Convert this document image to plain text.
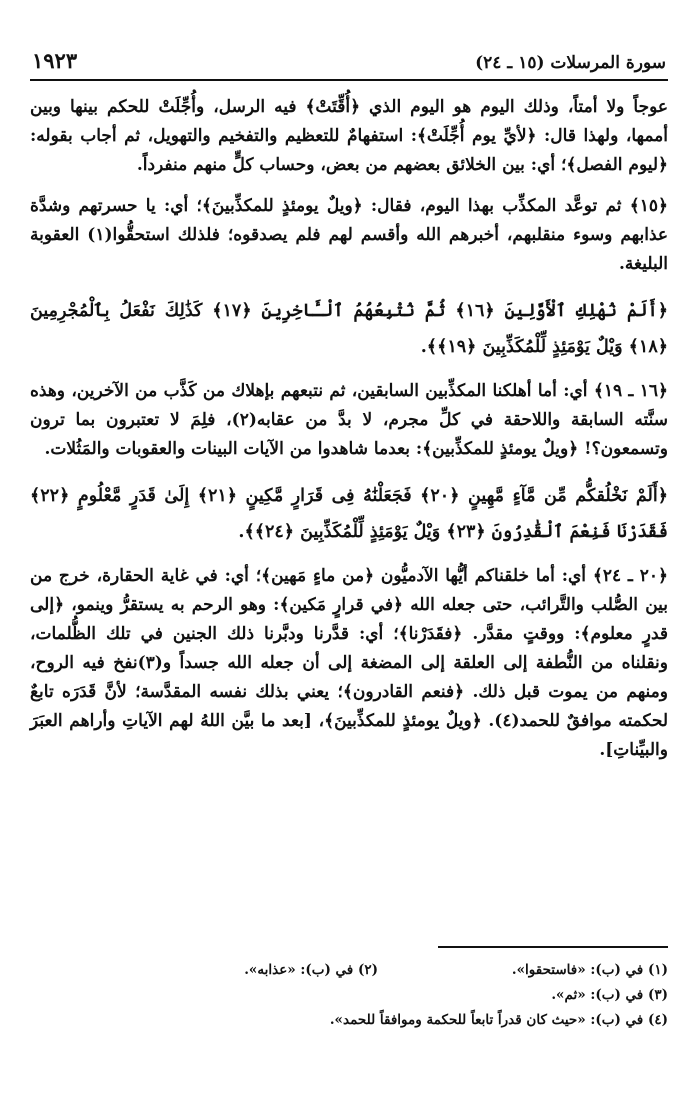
سورة المرسلات (١٥ ـ ٢٤)
١٩٢٣

عوجاً ولا أمتاً، وذلك اليوم هو اليوم الذي ﴿أُقِّتَتْ﴾ فيه الرسل، وأُجِّلَتْ للحكم بينها وبين أممها، ولهذا قال: ﴿لأيِّ يوم أُجِّلَتْ﴾: استفهامٌ للتعظيم والتفخيم والتهويل، ثم أجاب بقوله: ﴿ليوم الفصل﴾؛ أي: بين الخلائق بعضهم من بعض، وحساب كلٍّ منهم منفرداً.

﴿١٥﴾ ثم توعَّد المكذِّب بهذا اليوم، فقال: ﴿ويلٌ يومئذٍ للمكذِّبينَ﴾؛ أي: يا حسرتهم وشدَّة عذابهم وسوء منقلبهم، أخبرهم الله وأقسم لهم فلم يصدقوه؛ فلذلك استحقُّوا(١) العقوبة البليغة.

﴿أَلَمْ نُهْلِكِ ٱلْأَوَّلِينَ ﴿١٦﴾ ثُمَّ نُتْبِعُهُمُ ٱلْـَٔاخِرِينَ ﴿١٧﴾ كَذَٰلِكَ نَفْعَلُ بِٱلْمُجْرِمِينَ ﴿١٨﴾ وَيْلٌ يَوْمَئِذٍ لِّلْمُكَذِّبِينَ ﴿١٩﴾﴾.

﴿١٦ ـ ١٩﴾ أي: أما أهلكنا المكذِّبين السابقين، ثم نتبعهم بإهلاك من كَذَّب من الآخرين، وهذه سنَّته السابقة واللاحقة في كلِّ مجرم، لا بدَّ من عقابه(٢)، فلِمَ لا تعتبرون بما ترون وتسمعون؟! ﴿ويلٌ يومئذٍ للمكذِّبين﴾: بعدما شاهدوا من الآيات البينات والعقوبات والمَثُلات.

﴿أَلَمْ نَخْلُقكُّم مِّن مَّآءٍ مَّهِينٍ ﴿٢٠﴾ فَجَعَلْنَٰهُ فِى قَرَارٍ مَّكِينٍ ﴿٢١﴾ إِلَىٰ قَدَرٍ مَّعْلُومٍ ﴿٢٢﴾ فَقَدَرْنَا فَنِعْمَ ٱلْقَٰدِرُونَ ﴿٢٣﴾ وَيْلٌ يَوْمَئِذٍ لِّلْمُكَذِّبِينَ ﴿٢٤﴾﴾.

﴿٢٠ ـ ٢٤﴾ أي: أما خلقناكم أيُّها الآدميُّون ﴿من ماءٍ مَهين﴾؛ أي: في غاية الحقارة، خرج من بين الصُّلب والتَّرائب، حتى جعله الله ﴿في قرارٍ مَكين﴾: وهو الرحم به يستقرُّ وينمو، ﴿إلى قدرٍ معلوم﴾: ووقتٍ مقدَّر. ﴿فقَدَرْنا﴾؛ أي: قدَّرنا ودبَّرنا ذلك الجنين في تلك الظُّلمات، ونقلناه من النُّطفة إلى العلقة إلى المضغة إلى أن جعله الله جسداً و(٣)نفخ فيه الروح، ومنهم من يموت قبل ذلك. ﴿فنعم القادرون﴾؛ يعني بذلك نفسه المقدَّسة؛ لأنَّ قَدَرَه تابعٌ لحكمته موافقٌ للحمد(٤). ﴿ويلٌ يومئذٍ للمكذِّبينَ﴾، [بعد ما بيَّن اللهُ لهم الآياتِ وأراهم العبَرَ والبيِّناتِ].

(١) في (ب): «فاستحقوا».
(٢) في (ب): «عذابه».
(٣) في (ب): «ثم».
(٤) في (ب): «حيث كان قدراً تابعاً للحكمة وموافقاً للحمد».
